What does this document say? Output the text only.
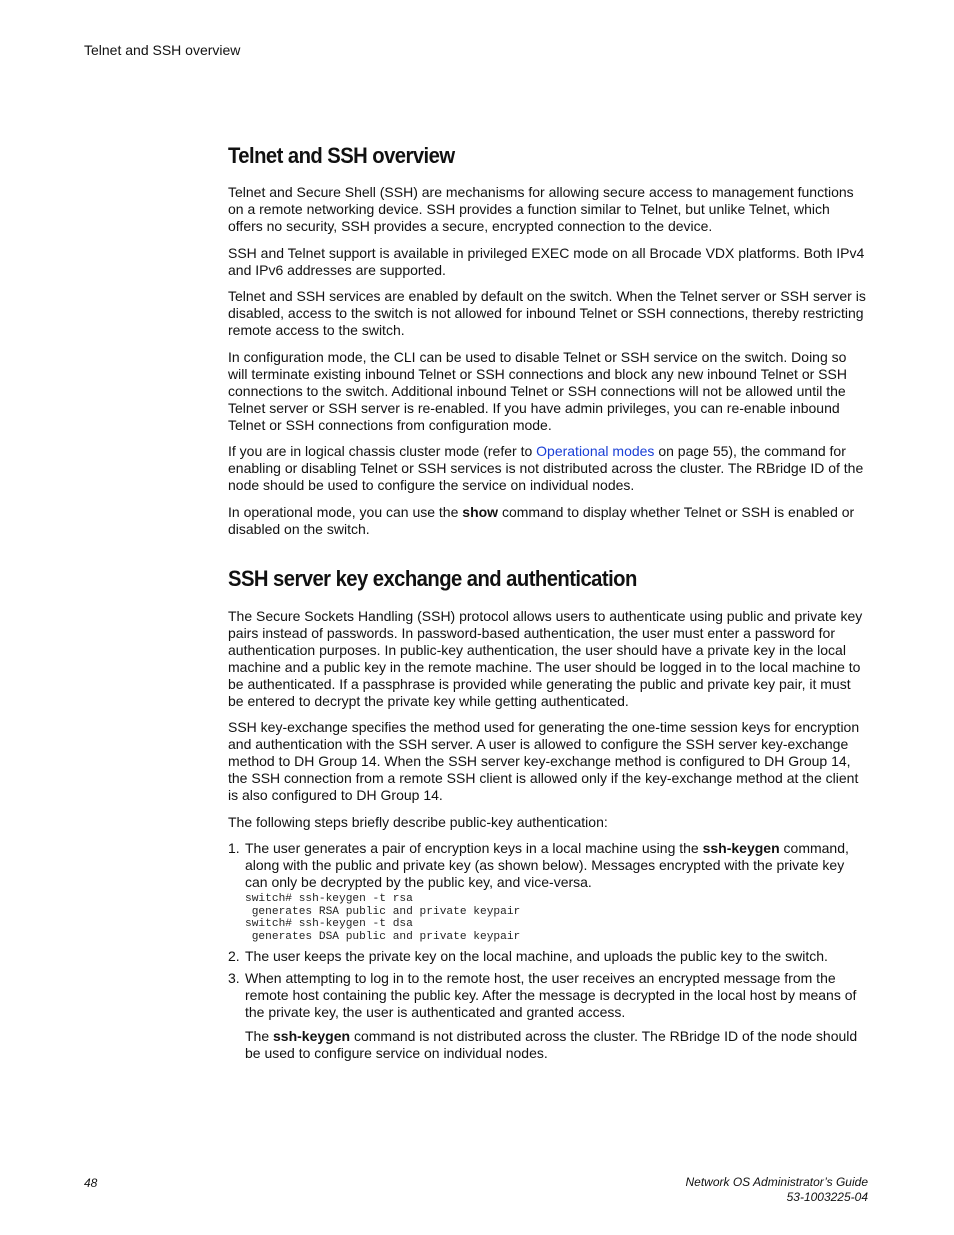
Telnet and SSH overview

Telnet and SSH overview

Telnet and Secure Shell (SSH) are mechanisms for allowing secure access to management functions on a remote networking device. SSH provides a function similar to Telnet, but unlike Telnet, which offers no security, SSH provides a secure, encrypted connection to the device.

SSH and Telnet support is available in privileged EXEC mode on all Brocade VDX platforms. Both IPv4 and IPv6 addresses are supported.

Telnet and SSH services are enabled by default on the switch. When the Telnet server or SSH server is disabled, access to the switch is not allowed for inbound Telnet or SSH connections, thereby restricting remote access to the switch.

In configuration mode, the CLI can be used to disable Telnet or SSH service on the switch. Doing so will terminate existing inbound Telnet or SSH connections and block any new inbound Telnet or SSH connections to the switch. Additional inbound Telnet or SSH connections will not be allowed until the Telnet server or SSH server is re-enabled. If you have admin privileges, you can re-enable inbound Telnet or SSH connections from configuration mode.

If you are in logical chassis cluster mode (refer to Operational modes on page 55), the command for enabling or disabling Telnet or SSH services is not distributed across the cluster. The RBridge ID of the node should be used to configure the service on individual nodes.

In operational mode, you can use the show command to display whether Telnet or SSH is enabled or disabled on the switch.

SSH server key exchange and authentication

The Secure Sockets Handling (SSH) protocol allows users to authenticate using public and private key pairs instead of passwords. In password-based authentication, the user must enter a password for authentication purposes. In public-key authentication, the user should have a private key in the local machine and a public key in the remote machine. The user should be logged in to the local machine to be authenticated. If a passphrase is provided while generating the public and private key pair, it must be entered to decrypt the private key while getting authenticated.

SSH key-exchange specifies the method used for generating the one-time session keys for encryption and authentication with the SSH server. A user is allowed to configure the SSH server key-exchange method to DH Group 14. When the SSH server key-exchange method is configured to DH Group 14, the SSH connection from a remote SSH client is allowed only if the key-exchange method at the client is also configured to DH Group 14.

The following steps briefly describe public-key authentication:

1. The user generates a pair of encryption keys in a local machine using the ssh-keygen command, along with the public and private key (as shown below). Messages encrypted with the private key can only be decrypted by the public key, and vice-versa.
switch# ssh-keygen -t rsa
generates RSA public and private keypair
switch# ssh-keygen -t dsa
generates DSA public and private keypair
2. The user keeps the private key on the local machine, and uploads the public key to the switch.
3. When attempting to log in to the remote host, the user receives an encrypted message from the remote host containing the public key. After the message is decrypted in the local host by means of the private key, the user is authenticated and granted access.

The ssh-keygen command is not distributed across the cluster. The RBridge ID of the node should be used to configure service on individual nodes.

48	Network OS Administrator’s Guide
53-1003225-04
